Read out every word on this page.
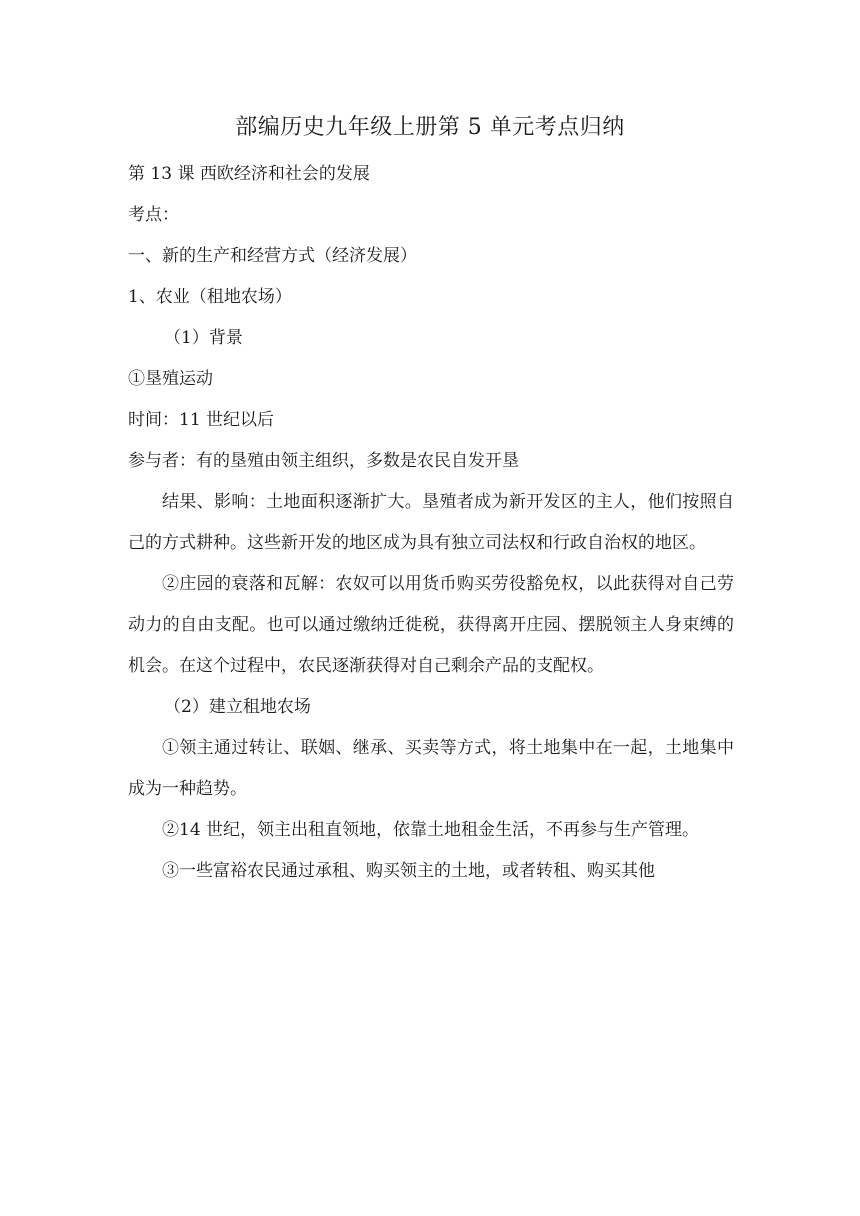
部编历史九年级上册第 5 单元考点归纳

第 13 课 西欧经济和社会的发展

考点：

一、新的生产和经营方式（经济发展）

1、农业（租地农场）

（1）背景

①垦殖运动

时间：11 世纪以后

参与者：有的垦殖由领主组织，多数是农民自发开垦

结果、影响：土地面积逐渐扩大。垦殖者成为新开发区的主人，他们按照自己的方式耕种。这些新开发的地区成为具有独立司法权和行政自治权的地区。

②庄园的衰落和瓦解：农奴可以用货币购买劳役豁免权，以此获得对自己劳动力的自由支配。也可以通过缴纳迁徙税，获得离开庄园、摆脱领主人身束缚的机会。在这个过程中，农民逐渐获得对自己剩余产品的支配权。

（2）建立租地农场

①领主通过转让、联姻、继承、买卖等方式，将土地集中在一起，土地集中成为一种趋势。

②14 世纪，领主出租直领地，依靠土地租金生活，不再参与生产管理。

③一些富裕农民通过承租、购买领主的土地，或者转租、购买其他
